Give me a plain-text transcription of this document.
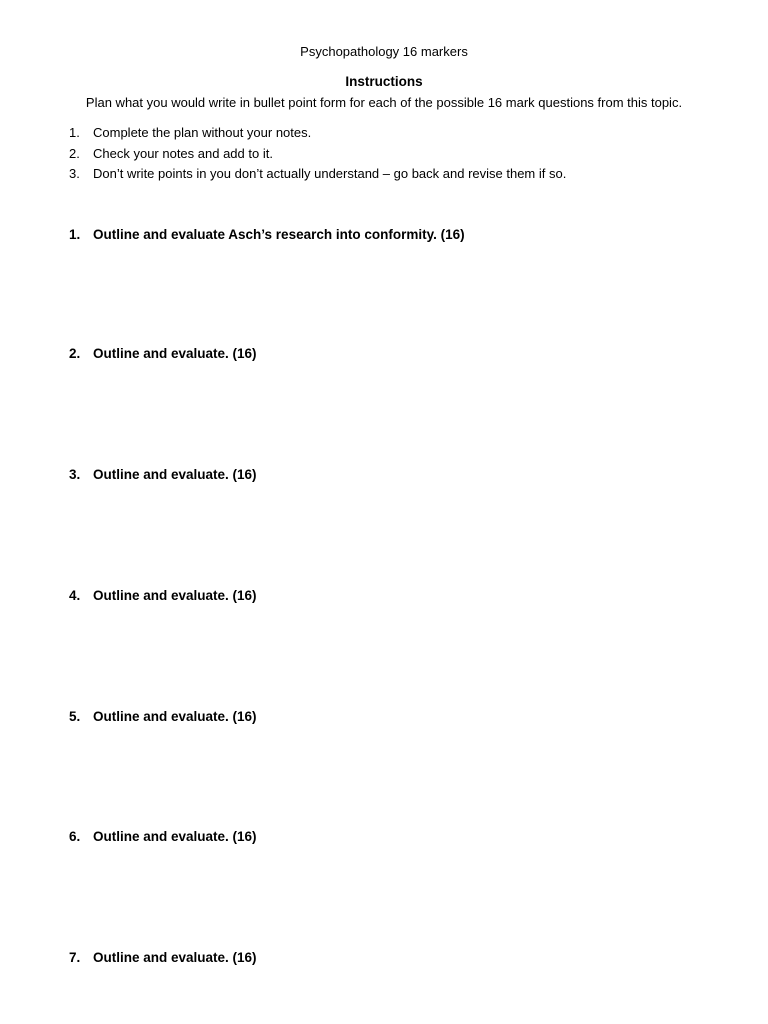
Psychopathology 16 markers
Instructions
Plan what you would write in bullet point form for each of the possible 16 mark questions from this topic.
1. Complete the plan without your notes.
2. Check your notes and add to it.
3. Don’t write points in you don’t actually understand – go back and revise them if so.
1. Outline and evaluate Asch’s research into conformity. (16)
2. Outline and evaluate. (16)
3. Outline and evaluate. (16)
4. Outline and evaluate. (16)
5. Outline and evaluate. (16)
6. Outline and evaluate. (16)
7. Outline and evaluate. (16)
